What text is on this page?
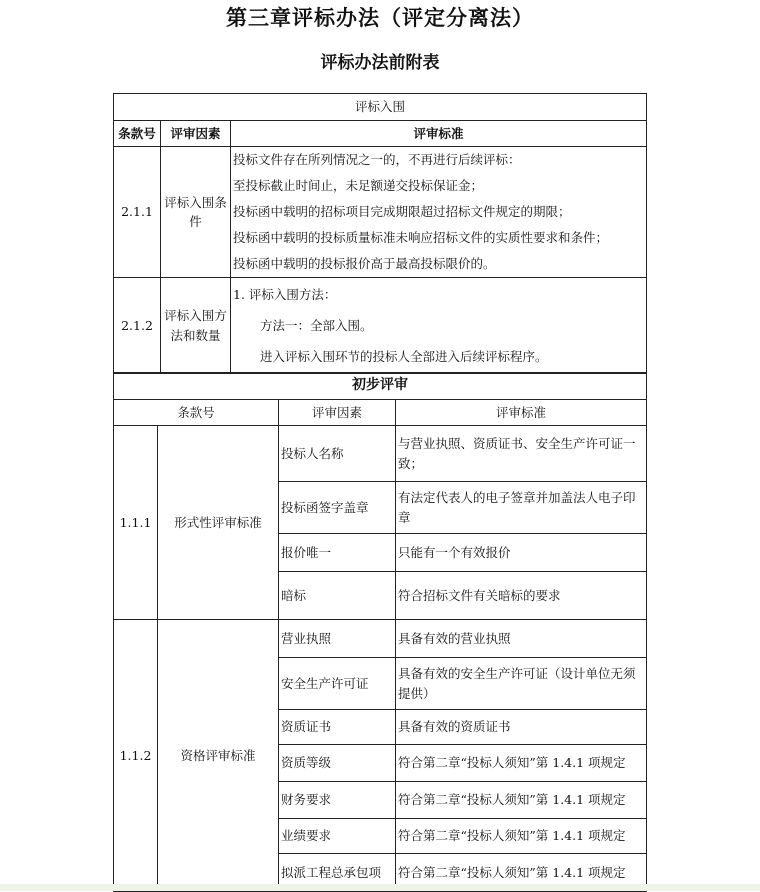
第三章评标办法（评定分离法）
评标办法前附表
评标入围		
条款号	评审因素	评审标准
2.1.1	评标入围条件	投标文件存在所列情况之一的，不再进行后续评标：
至投标截止时间止，未足额递交投标保证金；
投标函中载明的招标项目完成期限超过招标文件规定的期限；
投标函中载明的投标质量标准未响应招标文件的实质性要求和条件；
投标函中载明的投标报价高于最高投标限价的。

2.1.2	评标入围方法和数量	1. 评标入围方法：
方法一：全部入围。
进入评标入围环节的投标人全部进入后续评标程序。
初步评审			
条款号		评审因素	评审标准
1.1.1	形式性评审标准	投标人名称	与营业执照、资质证书、安全生产许可证一致；
		投标函签字盖章	有法定代表人的电子签章并加盖法人电子印章
		报价唯一	只能有一个有效报价
		暗标	符合招标文件有关暗标的要求
1.1.2	资格评审标准	营业执照	具备有效的营业执照
		安全生产许可证	具备有效的安全生产许可证（设计单位无须提供）
		资质证书	具备有效的资质证书
		资质等级	符合第二章“投标人须知”第 1.4.1 项规定
		财务要求	符合第二章“投标人须知”第 1.4.1 项规定
		业绩要求	符合第二章“投标人须知”第 1.4.1 项规定
		拟派工程总承包项	符合第二章“投标人须知”第 1.4.1 项规定
